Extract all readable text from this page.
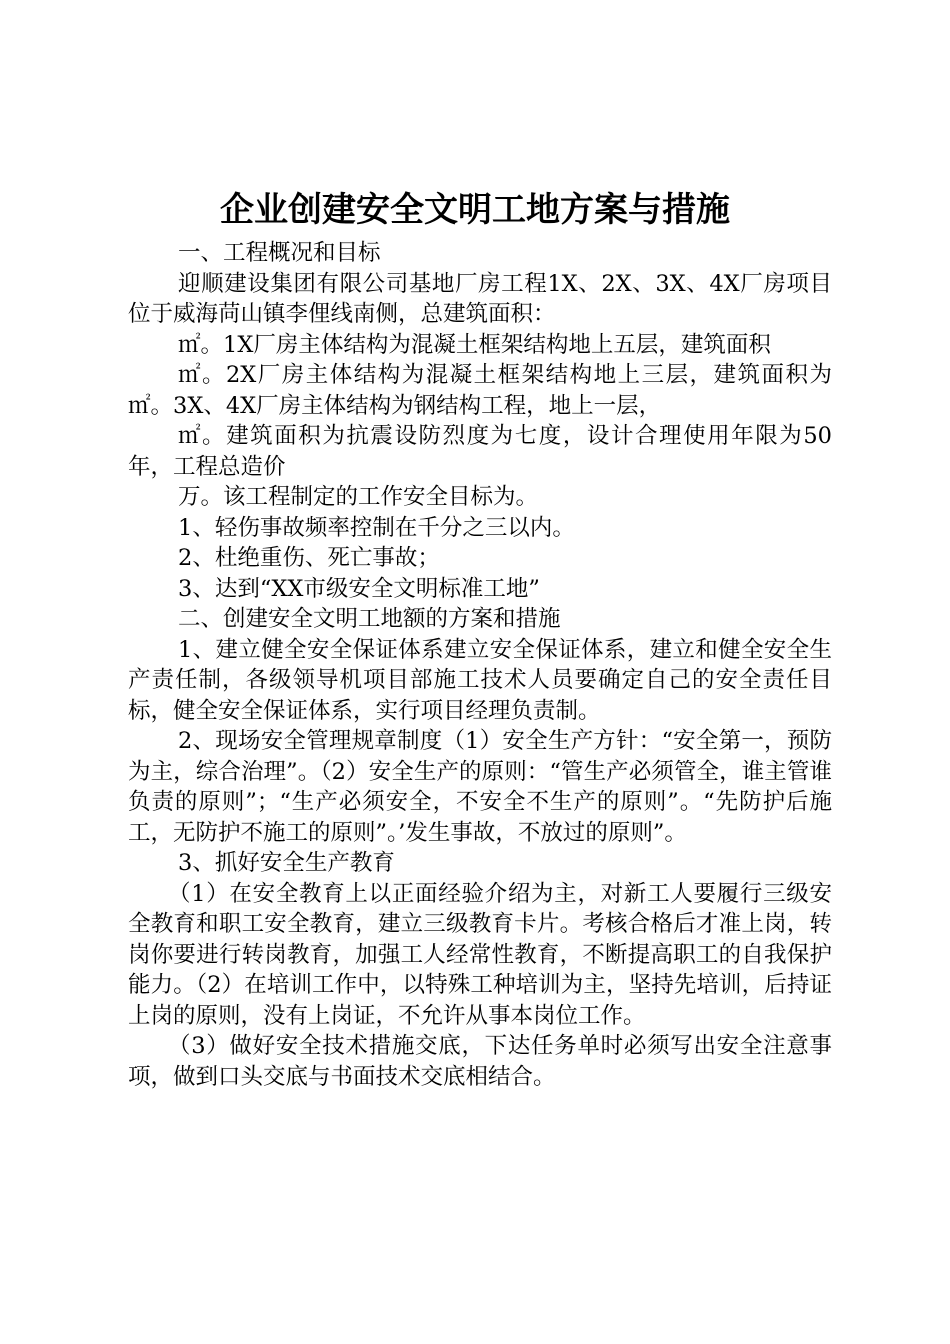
企业创建安全文明工地方案与措施

一、工程概况和目标

迎顺建设集团有限公司基地厂房工程1X、2X、3X、4X厂房项目位于威海苘山镇李俚线南侧，总建筑面积：

㎡。1X厂房主体结构为混凝土框架结构地上五层，建筑面积

㎡。2X厂房主体结构为混凝土框架结构地上三层，建筑面积为㎡。3X、4X厂房主体结构为钢结构工程，地上一层，

㎡。建筑面积为抗震设防烈度为七度，设计合理使用年限为50年，工程总造价

万。该工程制定的工作安全目标为。

1、轻伤事故频率控制在千分之三以内。

2、杜绝重伤、死亡事故；

3、达到“XX市级安全文明标准工地”

二、创建安全文明工地额的方案和措施

1、建立健全安全保证体系建立安全保证体系，建立和健全安全生产责任制，各级领导机项目部施工技术人员要确定自己的安全责任目标，健全安全保证体系，实行项目经理负责制。

2、现场安全管理规章制度（1）安全生产方针：“安全第一，预防为主，综合治理”。（2）安全生产的原则：“管生产必须管全，谁主管谁负责的原则”；“生产必须安全，不安全不生产的原则”。“先防护后施工，无防护不施工的原则”。’发生事故，不放过的原则”。

3、抓好安全生产教育

（1）在安全教育上以正面经验介绍为主，对新工人要履行三级安全教育和职工安全教育，建立三级教育卡片。考核合格后才准上岗，转岗你要进行转岗教育，加强工人经常性教育，不断提高职工的自我保护能力。（2）在培训工作中，以特殊工种培训为主，坚持先培训，后持证上岗的原则，没有上岗证，不允许从事本岗位工作。

（3）做好安全技术措施交底，下达任务单时必须写出安全注意事项，做到口头交底与书面技术交底相结合。
